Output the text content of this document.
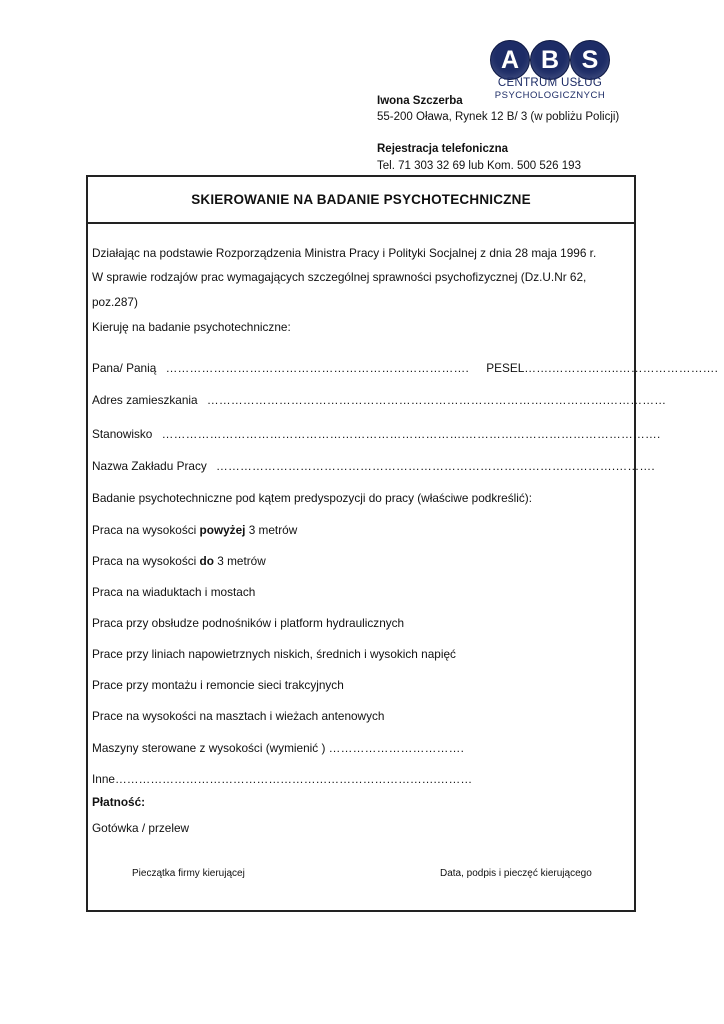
A B S
CENTRUM USŁUG
PSYCHOLOGICZNYCH
Iwona Szczerba
55-200 Oława, Rynek 12 B/ 3 (w pobliżu Policji)
Rejestracja telefoniczna
Tel. 71 303 32 69 lub Kom. 500 526 193
SKIEROWANIE NA BADANIE PSYCHOTECHNICZNE
Działając na podstawie Rozporządzenia Ministra Pracy i Polityki Socjalnej z dnia 28 maja 1996 r.
W sprawie rodzajów prac wymagających szczególnej sprawności psychofizycznej (Dz.U.Nr 62,
poz.287)
Kieruję na badanie psychotechniczne:
Pana/ Panią …………………………………………………………………. PESEL…….……………..…………………….
Adres zamieszkania ……………………………………………………………………………………….……………
Stanowisko ………………………………………………………………….………………………………………….
Nazwa Zakładu Pracy ……………………………………………………………………………………….……….
Badanie psychotechniczne pod kątem predyspozycji do pracy (właściwe podkreślić):
Praca na wysokości powyżej 3 metrów
Praca na wysokości do 3 metrów
Praca na wiaduktach i mostach
Praca przy obsłudze podnośników i platform hydraulicznych
Prace przy liniach napowietrznych niskich, średnich i wysokich napięć
Prace przy montażu i remoncie sieci trakcyjnych
Prace na wysokości na masztach i wieżach antenowych
Maszyny sterowane z wysokości (wymienić ) …………………………….
Inne……………………………………………………………………….………
Płatność:
Gotówka / przelew
Pieczątka firmy kierującej	Data, podpis i pieczęć kierującego
